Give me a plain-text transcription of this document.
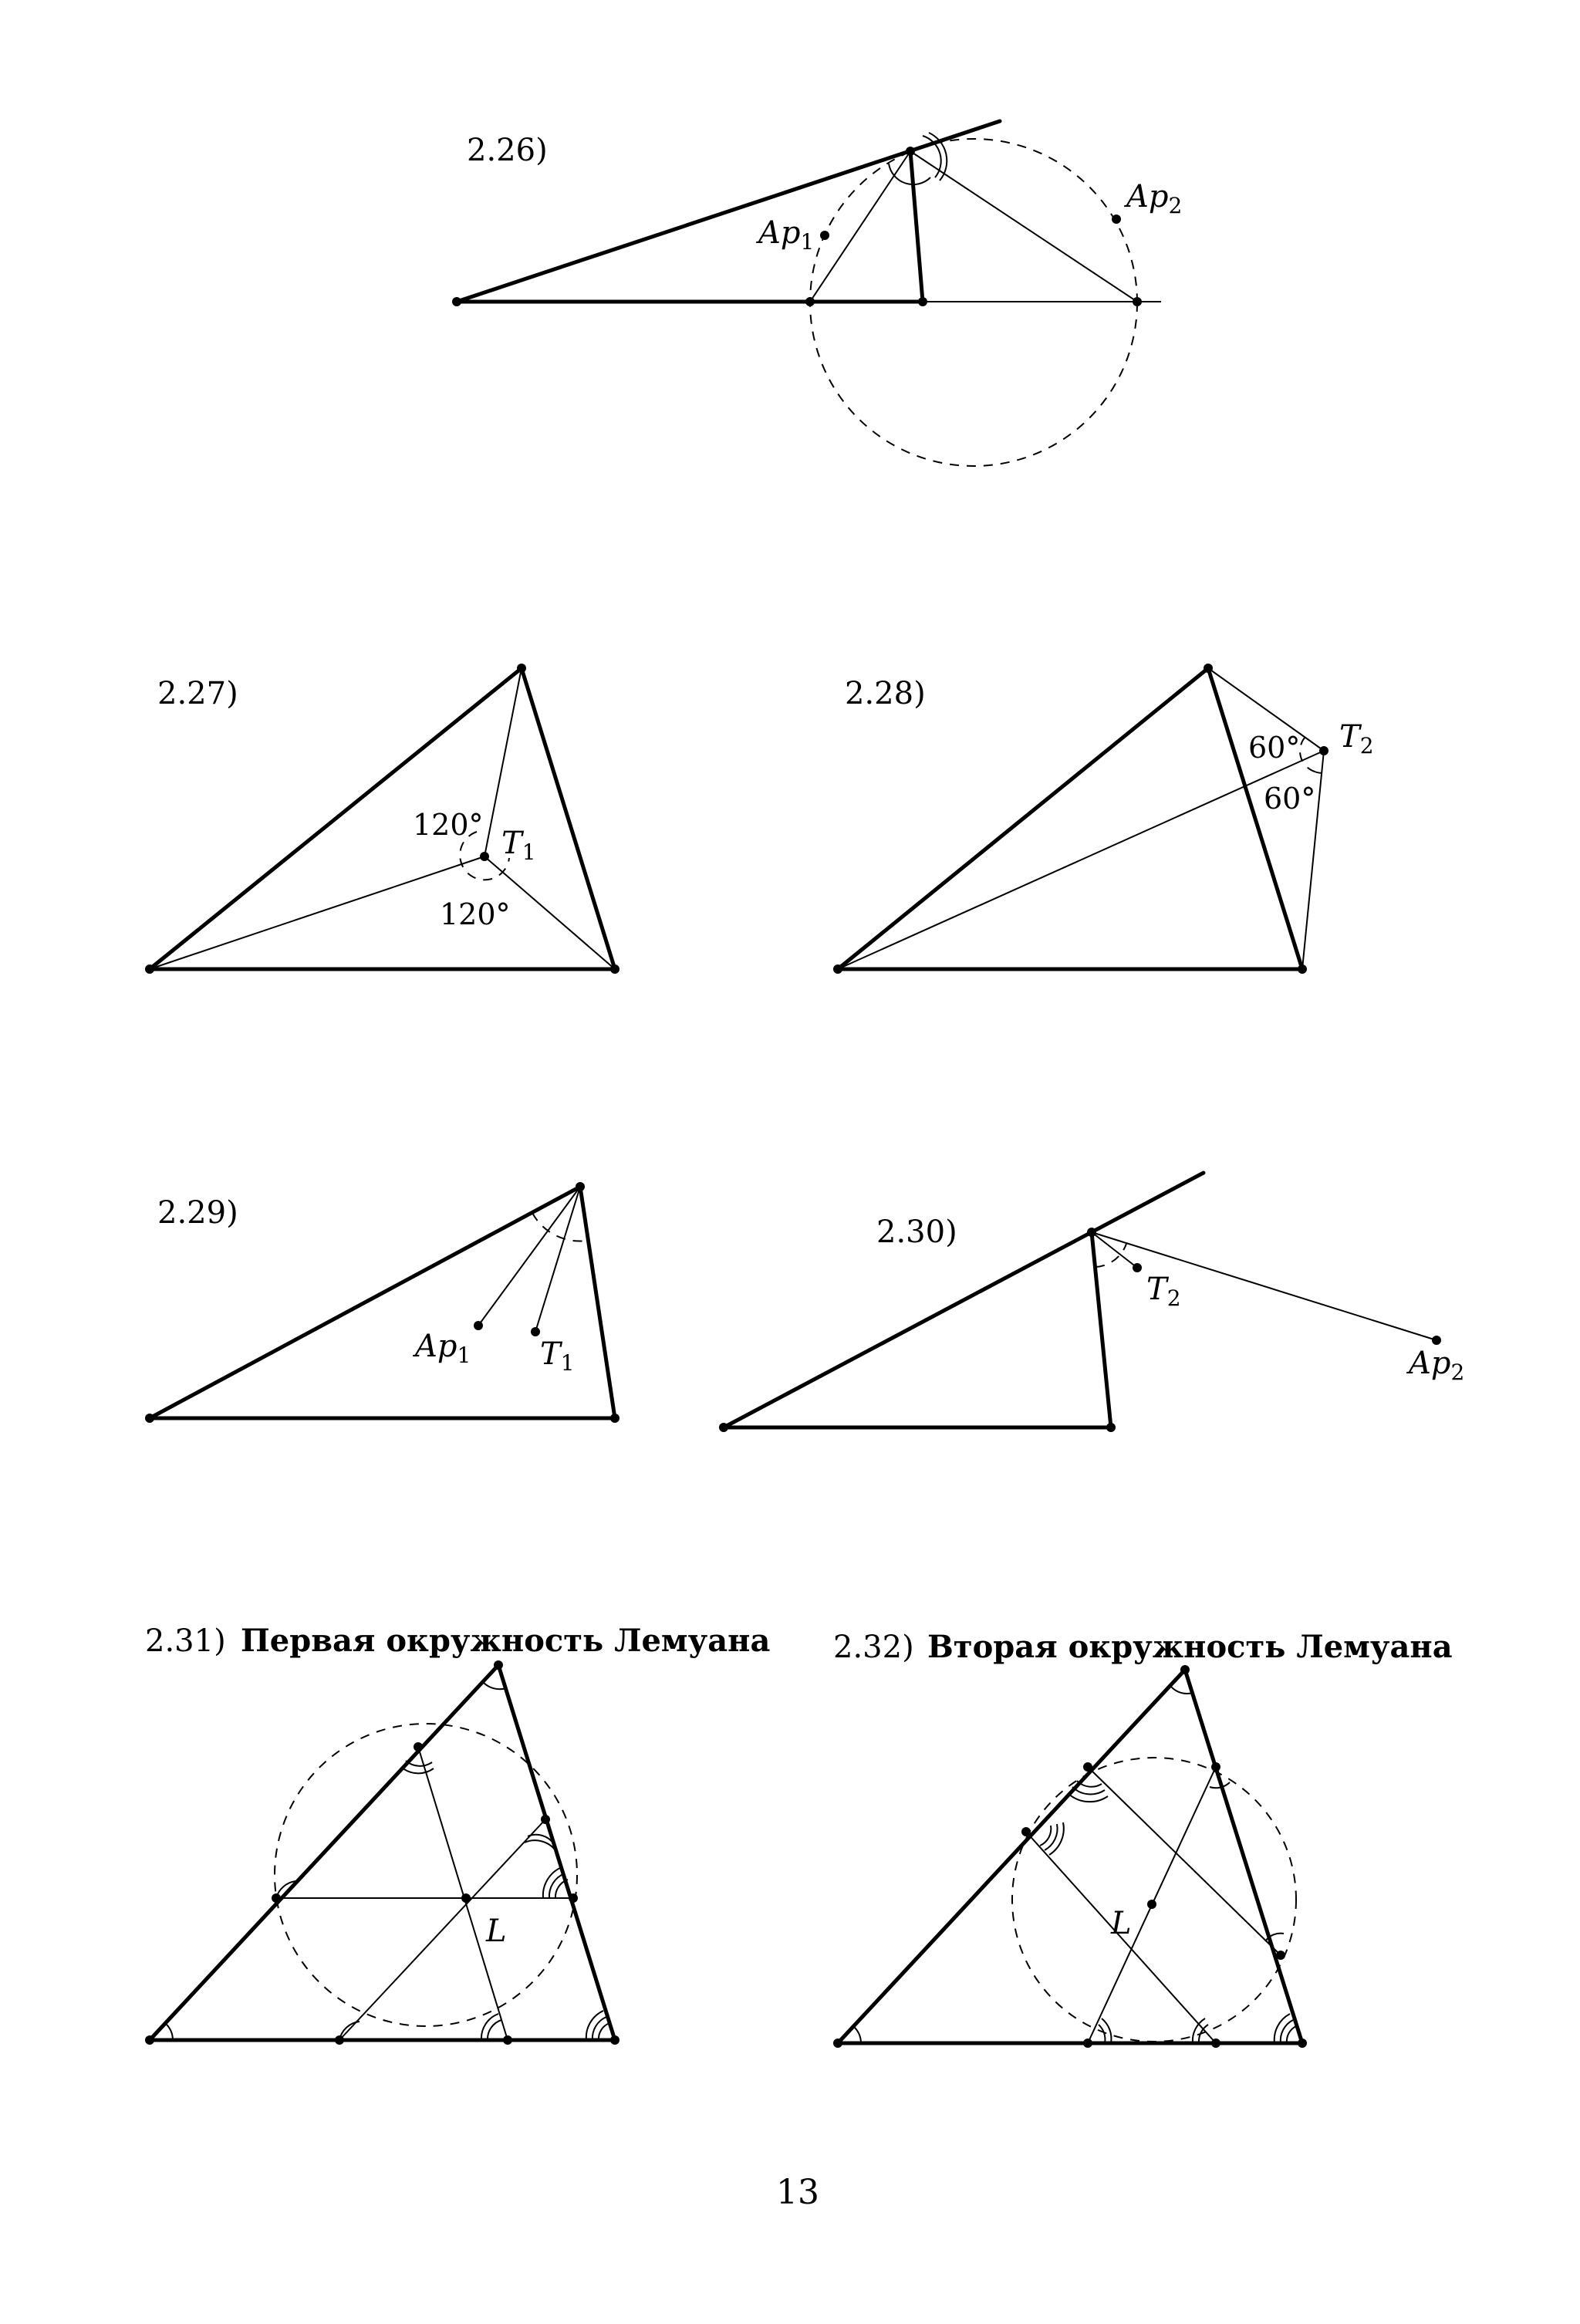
2.26)
$Ap_1$
$Ap_2$
2.27)
120°
120°
$T_1$
2.28)
60°
60°
$T_2$
2.29)
$Ap_1$ $T_1$
2.30)
$T_2$
$Ap_2$
2.31) Первая окружность Лемуана
L
2.32) Вторая окружность Лемуана
L
13
